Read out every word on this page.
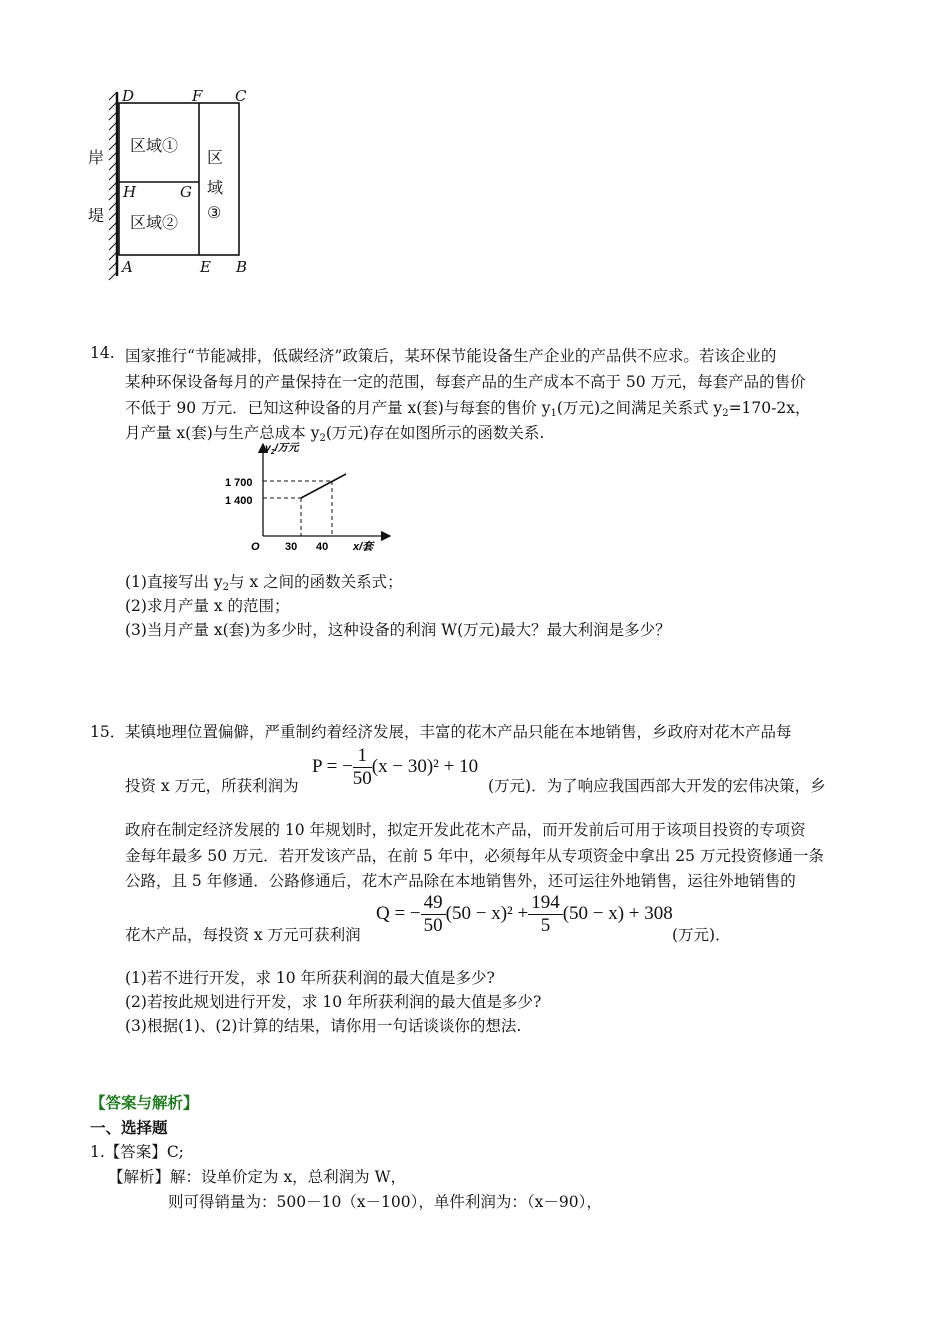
D	F C
H	G
A	E B
岸
堤
区域①
区域②
区
域
③
14. 国家推行“节能减排，低碳经济”政策后，某环保节能设备生产企业的产品供不应求。若该企业的
某种环保设备每月的产量保持在一定的范围，每套产品的生产成本不高于 50 万元，每套产品的售价
不低于 90 万元．已知这种设备的月产量 x(套)与每套的售价 $y_1$(万元)之间满足关系式 $y_2=170-2x$，
月产量 x(套)与生产总成本 $y_2$(万元)存在如图所示的函数关系.
$y_2/$万元
x/套
O
1 700
1 400
30 40
(1)直接写出 $y_2$与 x 之间的函数关系式；
(2)求月产量 x 的范围；
(3)当月产量 x(套)为多少时，这种设备的利润 W(万元)最大？最大利润是多少？
15． 某镇地理位置偏僻，严重制约着经济发展，丰富的花木产品只能在本地销售，乡政府对花木产品每
投资 x 万元，所获利润为
P = − $\frac{1}{50} (x - 30)^2 + 10$
(万元)．为了响应我国西部大开发的宏伟决策，乡
政府在制定经济发展的 10 年规划时，拟定开发此花木产品，而开发前后可用于该项目投资的专项资
金每年最多 50 万元．若开发该产品，在前 5 年中，必须每年从专项资金中拿出 25 万元投资修通一条
公路，且 5 年修通．公路修通后，花木产品除在本地销售外，还可运往外地销售，运往外地销售的
花木产品，每投资 x 万元可获利润
Q = − $\frac{49}{50} (50 - x)^2 + \frac{194}{5} (50 - x) + 308$
(万元)．
(1)若不进行开发，求 10 年所获利润的最大值是多少?
(2)若按此规划进行开发，求 10 年所获利润的最大值是多少?
(3)根据(1)、(2)计算的结果，请你用一句话谈谈你的想法.
【答案与解析】
一、选择题
1.【答案】C;
【解析】解：设单价定为 x，总利润为 W，
则可得销量为：500－10（x－100），单件利润为：（x－90），
